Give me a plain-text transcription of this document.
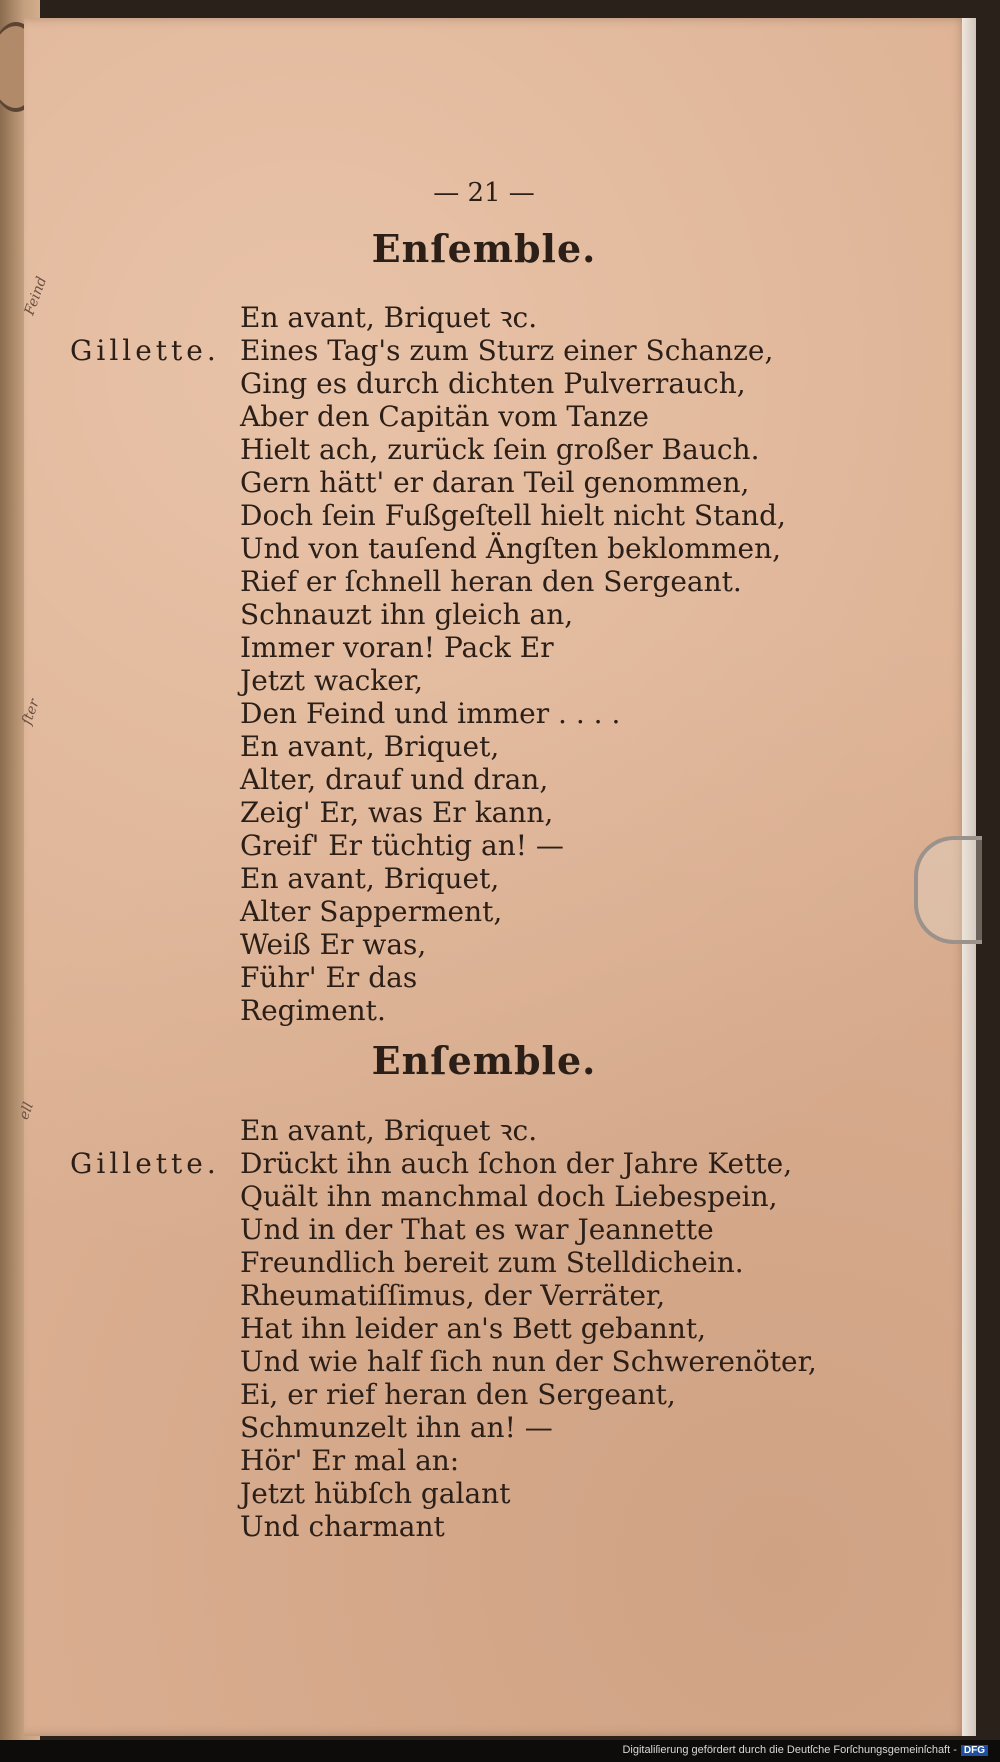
— 21 —
Enſemble.
En avant, Briquet ꝛc.
Gillette. Eines Tag's zum Sturz einer Schanze,
Ging es durch dichten Pulverrauch,
Aber den Capitän vom Tanze
Hielt ach, zurück ſein großer Bauch.
Gern hätt' er daran Teil genommen,
Doch ſein Fußgeſtell hielt nicht Stand,
Und von tauſend Ängſten beklommen,
Rief er ſchnell heran den Sergeant.
Schnauzt ihn gleich an,
Immer voran! Pack Er
Jetzt wacker,
Den Feind und immer . . . .
En avant, Briquet,
Alter, drauf und dran,
Zeig' Er, was Er kann,
Greif' Er tüchtig an! —
En avant, Briquet,
Alter Sapperment,
Weiß Er was,
Führ' Er das
Regiment.
Enſemble.
En avant, Briquet ꝛc.
Gillette. Drückt ihn auch ſchon der Jahre Kette,
Quält ihn manchmal doch Liebespein,
Und in der That es war Jeannette
Freundlich bereit zum Stelldichein.
Rheumatiſſimus, der Verräter,
Hat ihn leider an's Bett gebannt,
Und wie half ſich nun der Schwerenöter,
Ei, er rief heran den Sergeant,
Schmunzelt ihn an! —
Hör' Er mal an:
Jetzt hübſch galant
Und charmant
Feind
ſter
ell
Digitaliſierung gefördert durch die Deutſche Forſchungsgemeinſchaft - DFG
